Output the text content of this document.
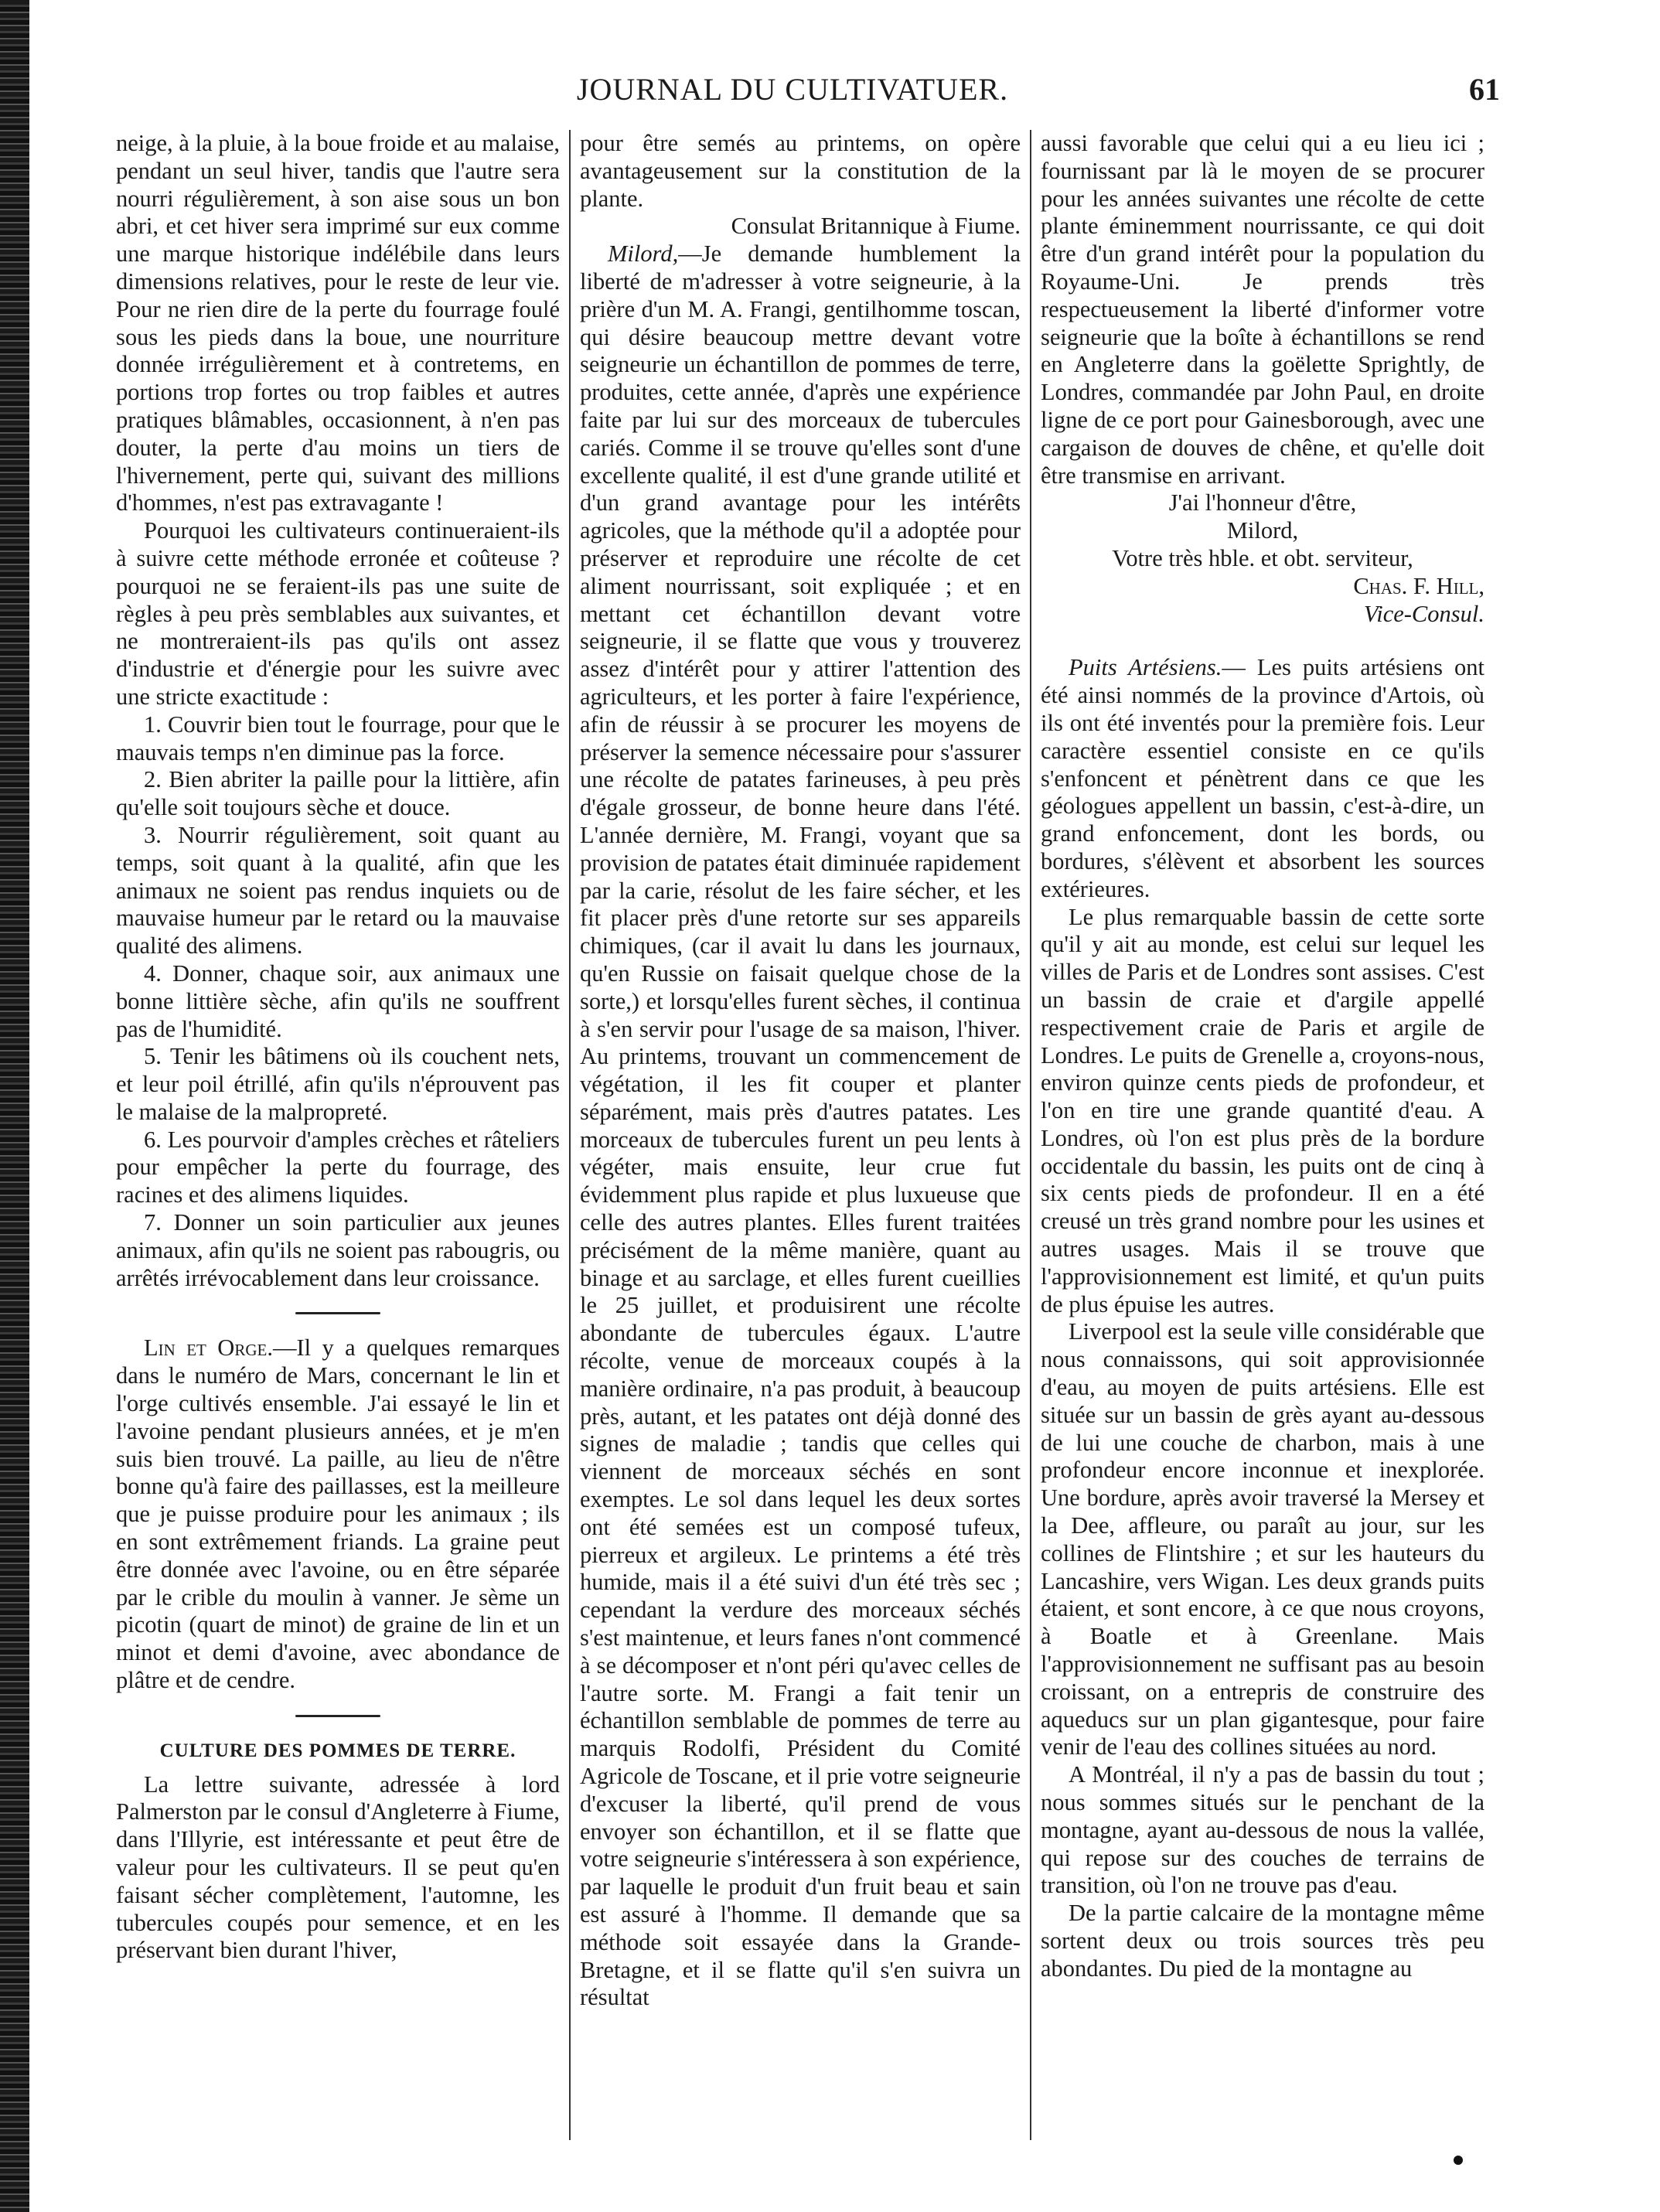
JOURNAL DU CULTIVATUER.	61

neige, à la pluie, à la boue froide et au malaise, pendant un seul hiver, tandis que l'autre sera nourri régulièrement, à son aise sous un bon abri, et cet hiver sera imprimé sur eux comme une marque historique indélébile dans leurs dimensions relatives, pour le reste de leur vie. Pour ne rien dire de la perte du fourrage foulé sous les pieds dans la boue, une nourriture donnée irrégulièrement et à contretems, en portions trop fortes ou trop faibles et autres pratiques blâmables, occasionnent, à n'en pas douter, la perte d'au moins un tiers de l'hivernement, perte qui, suivant des millions d'hommes, n'est pas extravagante !

Pourquoi les cultivateurs continueraient-ils à suivre cette méthode erronée et coûteuse ? pourquoi ne se feraient-ils pas une suite de règles à peu près semblables aux suivantes, et ne montreraient-ils pas qu'ils ont assez d'industrie et d'énergie pour les suivre avec une stricte exactitude :

1. Couvrir bien tout le fourrage, pour que le mauvais temps n'en diminue pas la force.

2. Bien abriter la paille pour la littière, afin qu'elle soit toujours sèche et douce.

3. Nourrir régulièrement, soit quant au temps, soit quant à la qualité, afin que les animaux ne soient pas rendus inquiets ou de mauvaise humeur par le retard ou la mauvaise qualité des alimens.

4. Donner, chaque soir, aux animaux une bonne littière sèche, afin qu'ils ne souffrent pas de l'humidité.

5. Tenir les bâtimens où ils couchent nets, et leur poil étrillé, afin qu'ils n'éprouvent pas le malaise de la malpropreté.

6. Les pourvoir d'amples crèches et râteliers pour empêcher la perte du fourrage, des racines et des alimens liquides.

7. Donner un soin particulier aux jeunes animaux, afin qu'ils ne soient pas rabougris, ou arrêtés irrévocablement dans leur croissance.

Lin et Orge.—Il y a quelques remarques dans le numéro de Mars, concernant le lin et l'orge cultivés ensemble. J'ai essayé le lin et l'avoine pendant plusieurs années, et je m'en suis bien trouvé. La paille, au lieu de n'être bonne qu'à faire des paillasses, est la meilleure que je puisse produire pour les animaux ; ils en sont extrêmement friands. La graine peut être donnée avec l'avoine, ou en être séparée par le crible du moulin à vanner. Je sème un picotin (quart de minot) de graine de lin et un minot et demi d'avoine, avec abondance de plâtre et de cendre.

CULTURE DES POMMES DE TERRE.

La lettre suivante, adressée à lord Palmerston par le consul d'Angleterre à Fiume, dans l'Illyrie, est intéressante et peut être de valeur pour les cultivateurs. Il se peut qu'en faisant sécher complètement, l'automne, les tubercules coupés pour semence, et en les préservant bien durant l'hiver,

pour être semés au printems, on opère avantageusement sur la constitution de la plante.

Consulat Britannique à Fiume.

Milord,—Je demande humblement la liberté de m'adresser à votre seigneurie, à la prière d'un M. A. Frangi, gentilhomme toscan, qui désire beaucoup mettre devant votre seigneurie un échantillon de pommes de terre, produites, cette année, d'après une expérience faite par lui sur des morceaux de tubercules cariés. Comme il se trouve qu'elles sont d'une excellente qualité, il est d'une grande utilité et d'un grand avantage pour les intérêts agricoles, que la méthode qu'il a adoptée pour préserver et reproduire une récolte de cet aliment nourrissant, soit expliquée ; et en mettant cet échantillon devant votre seigneurie, il se flatte que vous y trouverez assez d'intérêt pour y attirer l'attention des agriculteurs, et les porter à faire l'expérience, afin de réussir à se procurer les moyens de préserver la semence nécessaire pour s'assurer une récolte de patates farineuses, à peu près d'égale grosseur, de bonne heure dans l'été. L'année dernière, M. Frangi, voyant que sa provision de patates était diminuée rapidement par la carie, résolut de les faire sécher, et les fit placer près d'une retorte sur ses appareils chimiques, (car il avait lu dans les journaux, qu'en Russie on faisait quelque chose de la sorte,) et lorsqu'elles furent sèches, il continua à s'en servir pour l'usage de sa maison, l'hiver. Au printems, trouvant un commencement de végétation, il les fit couper et planter séparément, mais près d'autres patates. Les morceaux de tubercules furent un peu lents à végéter, mais ensuite, leur crue fut évidemment plus rapide et plus luxueuse que celle des autres plantes. Elles furent traitées précisément de la même manière, quant au binage et au sarclage, et elles furent cueillies le 25 juillet, et produisirent une récolte abondante de tubercules égaux. L'autre récolte, venue de morceaux coupés à la manière ordinaire, n'a pas produit, à beaucoup près, autant, et les patates ont déjà donné des signes de maladie ; tandis que celles qui viennent de morceaux séchés en sont exemptes. Le sol dans lequel les deux sortes ont été semées est un composé tufeux, pierreux et argileux. Le printems a été très humide, mais il a été suivi d'un été très sec ; cependant la verdure des morceaux séchés s'est maintenue, et leurs fanes n'ont commencé à se décomposer et n'ont péri qu'avec celles de l'autre sorte. M. Frangi a fait tenir un échantillon semblable de pommes de terre au marquis Rodolfi, Président du Comité Agricole de Toscane, et il prie votre seigneurie d'excuser la liberté, qu'il prend de vous envoyer son échantillon, et il se flatte que votre seigneurie s'intéressera à son expérience, par laquelle le produit d'un fruit beau et sain est assuré à l'homme. Il demande que sa méthode soit essayée dans la Grande-Bretagne, et il se flatte qu'il s'en suivra un résultat

aussi favorable que celui qui a eu lieu ici ; fournissant par là le moyen de se procurer pour les années suivantes une récolte de cette plante éminemment nourrissante, ce qui doit être d'un grand intérêt pour la population du Royaume-Uni. Je prends très respectueusement la liberté d'informer votre seigneurie que la boîte à échantillons se rend en Angleterre dans la goëlette Sprightly, de Londres, commandée par John Paul, en droite ligne de ce port pour Gainesborough, avec une cargaison de douves de chêne, et qu'elle doit être transmise en arrivant.

J'ai l'honneur d'être,

Milord,

Votre très hble. et obt. serviteur,

Chas. F. Hill,

Vice-Consul.

Puits Artésiens.— Les puits artésiens ont été ainsi nommés de la province d'Artois, où ils ont été inventés pour la première fois. Leur caractère essentiel consiste en ce qu'ils s'enfoncent et pénètrent dans ce que les géologues appellent un bassin, c'est-à-dire, un grand enfoncement, dont les bords, ou bordures, s'élèvent et absorbent les sources extérieures.

Le plus remarquable bassin de cette sorte qu'il y ait au monde, est celui sur lequel les villes de Paris et de Londres sont assises. C'est un bassin de craie et d'argile appellé respectivement craie de Paris et argile de Londres. Le puits de Grenelle a, croyons-nous, environ quinze cents pieds de profondeur, et l'on en tire une grande quantité d'eau. A Londres, où l'on est plus près de la bordure occidentale du bassin, les puits ont de cinq à six cents pieds de profondeur. Il en a été creusé un très grand nombre pour les usines et autres usages. Mais il se trouve que l'approvisionnement est limité, et qu'un puits de plus épuise les autres.

Liverpool est la seule ville considérable que nous connaissons, qui soit approvisionnée d'eau, au moyen de puits artésiens. Elle est située sur un bassin de grès ayant au-dessous de lui une couche de charbon, mais à une profondeur encore inconnue et inexplorée. Une bordure, après avoir traversé la Mersey et la Dee, affleure, ou paraît au jour, sur les collines de Flintshire ; et sur les hauteurs du Lancashire, vers Wigan. Les deux grands puits étaient, et sont encore, à ce que nous croyons, à Boatle et à Greenlane. Mais l'approvisionnement ne suffisant pas au besoin croissant, on a entrepris de construire des aqueducs sur un plan gigantesque, pour faire venir de l'eau des collines situées au nord.

A Montréal, il n'y a pas de bassin du tout ; nous sommes situés sur le penchant de la montagne, ayant au-dessous de nous la vallée, qui repose sur des couches de terrains de transition, où l'on ne trouve pas d'eau.

De la partie calcaire de la montagne même sortent deux ou trois sources très peu abondantes. Du pied de la montagne au
